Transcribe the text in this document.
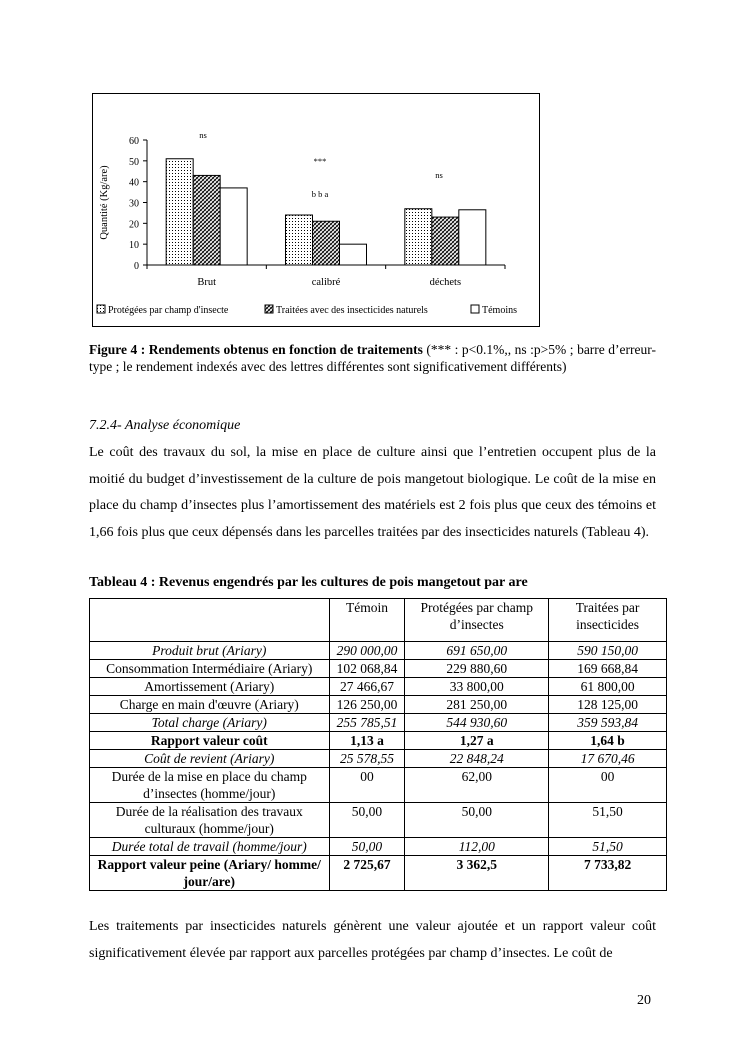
0
10
20
30
40
50
60
Quantité (Kg/are)
Brut	calibré	déchets
ns
***
ns
b b a
Protégées par champ d'insecte	Traitées avec des insecticides naturels	Témoins
Figure 4 : Rendements obtenus en fonction de traitements (*** : p<0.1%,, ns :p>5% ; barre d’erreur-type ; le rendement indexés avec des lettres différentes sont significativement différents)
7.2.4- Analyse économique

Le coût des travaux du sol, la mise en place de culture ainsi que l’entretien occupent plus de la moitié du budget d’investissement de la culture de pois mangetout biologique. Le coût de la mise en place du champ d’insectes plus l’amortissement des matériels est 2 fois plus que ceux des témoins et 1,66 fois plus que ceux dépensés dans les parcelles traitées par des insecticides naturels (Tableau 4).

Tableau 4 : Revenus engendrés par les cultures de pois mangetout par are
	Témoin	Protégées par champ d’insectes	Traitées par insecticides
Produit brut (Ariary)	290 000,00	691 650,00	590 150,00
Consommation Intermédiaire (Ariary)	102 068,84	229 880,60	169 668,84
Amortissement (Ariary)	27 466,67	33 800,00	61 800,00
Charge en main d'œuvre (Ariary)	126 250,00	281 250,00	128 125,00
Total charge (Ariary)	255 785,51	544 930,60	359 593,84
Rapport valeur coût	1,13 a	1,27 a	1,64 b
Coût de revient (Ariary)	25 578,55	22 848,24	17 670,46
Durée de la mise en place du champ d’insectes (homme/jour)	00	62,00	00
Durée de la réalisation des travaux culturaux (homme/jour)	50,00	50,00	51,50
Durée total de travail (homme/jour)	50,00	112,00	51,50
Rapport valeur peine (Ariary/ homme/ jour/are)	2 725,67	3 362,5	7 733,82

Les traitements par insecticides naturels génèrent une valeur ajoutée et un rapport valeur coût significativement élevée par rapport aux parcelles protégées par champ d’insectes. Le coût de

20
